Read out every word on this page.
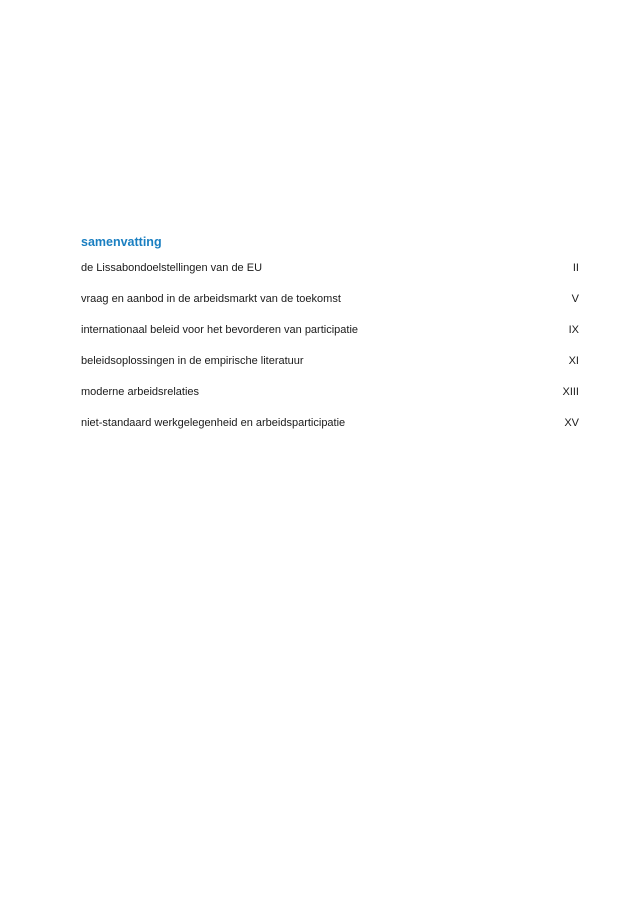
samenvatting
de Lissabondoelstellingen van de EU	II
vraag en aanbod in de arbeidsmarkt van de toekomst	V
internationaal beleid voor het bevorderen van participatie	IX
beleidsoplossingen in de empirische literatuur	XI
moderne arbeidsrelaties	XIII
niet-standaard werkgelegenheid en arbeidsparticipatie	XV
